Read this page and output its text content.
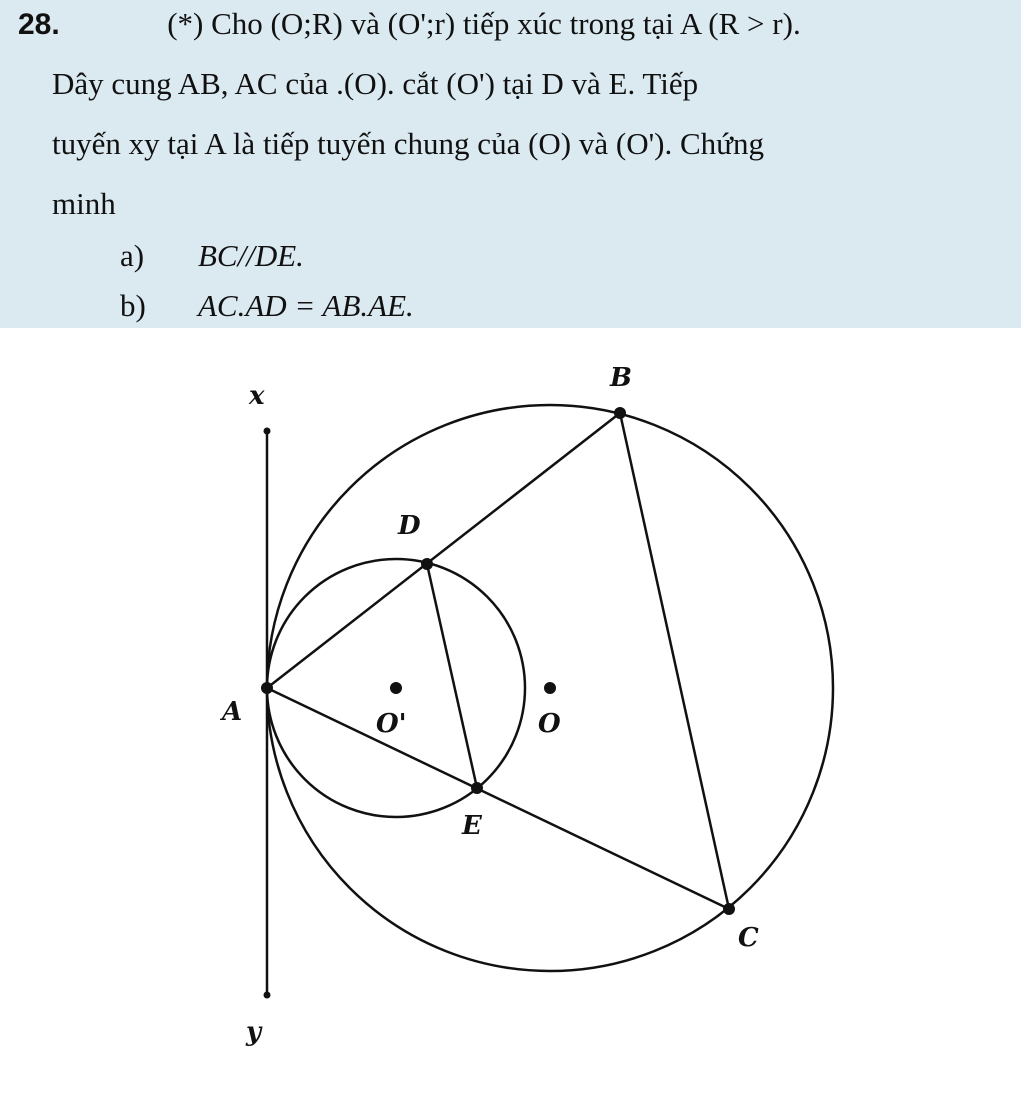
28.	(*) Cho (O;R) và (O';r) tiếp xúc trong tại A (R > r).
Dây cung AB, AC của .(O). cắt (O') tại D và E. Tiếp
tuyến xy tại A là tiếp tuyến chung của (O) và (O'). Chứng
minh
a) BC//DE.
b) AC.AD = AB.AE.
x
y
A
B
C
D
E
O'	O
